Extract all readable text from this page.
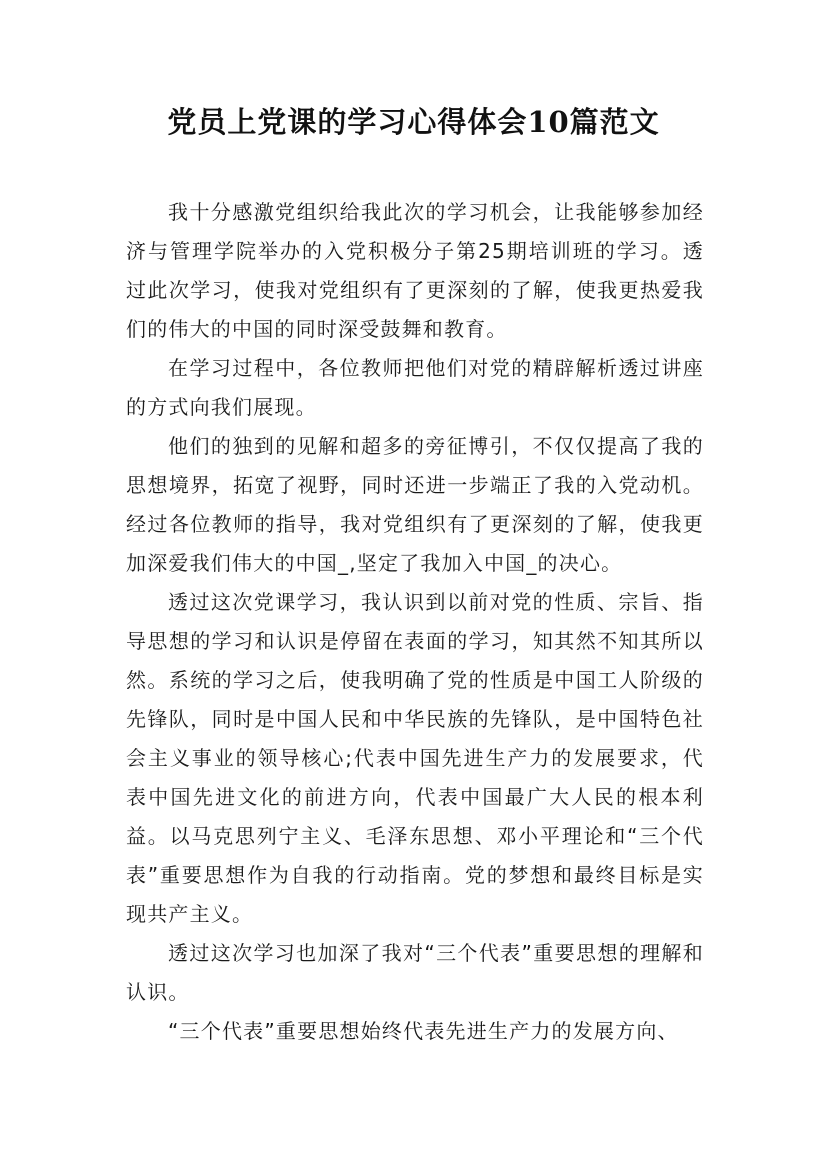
党员上党课的学习心得体会10篇范文

我十分感激党组织给我此次的学习机会，让我能够参加经济与管理学院举办的入党积极分子第25期培训班的学习。透过此次学习，使我对党组织有了更深刻的了解，使我更热爱我们的伟大的中国的同时深受鼓舞和教育。

在学习过程中，各位教师把他们对党的精辟解析透过讲座的方式向我们展现。

他们的独到的见解和超多的旁征博引，不仅仅提高了我的思想境界，拓宽了视野，同时还进一步端正了我的入党动机。经过各位教师的指导，我对党组织有了更深刻的了解，使我更加深爱我们伟大的中国_,坚定了我加入中国_的决心。

透过这次党课学习，我认识到以前对党的性质、宗旨、指导思想的学习和认识是停留在表面的学习，知其然不知其所以然。系统的学习之后，使我明确了党的性质是中国工人阶级的先锋队，同时是中国人民和中华民族的先锋队，是中国特色社会主义事业的领导核心;代表中国先进生产力的发展要求，代表中国先进文化的前进方向，代表中国最广大人民的根本利益。以马克思列宁主义、毛泽东思想、邓小平理论和“三个代表”重要思想作为自我的行动指南。党的梦想和最终目标是实现共产主义。

透过这次学习也加深了我对“三个代表”重要思想的理解和认识。

“三个代表”重要思想始终代表先进生产力的发展方向、
